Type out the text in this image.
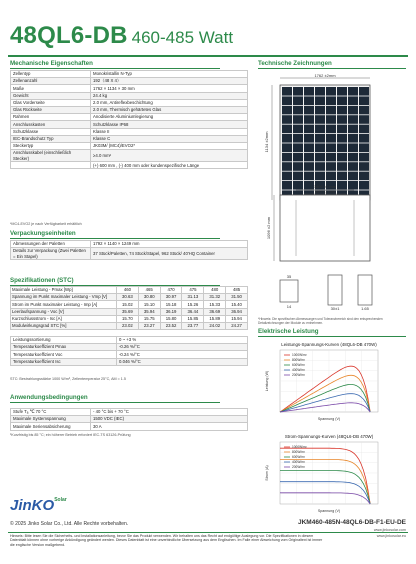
48QL6-DB 460-485 Watt
Mechanische Eigenschaften
Zellentyp	Monokristallin N-Typ
Zellenanzahl	192（48 X 4）
Maße	1762 × 1134 × 30 mm
Gewicht	24.4 kg
Glas Vorderseite	2.0 mm, Antireflexbeschichtung
Glas Rückseite	2.0 mm, Thermisch gehärtetes Glas
Rahmen	Anodisierte Aluminiumlegierung
Anschlusskasten	Schutzklasse IP68
Schutzklasse	Klasse II
IEC-Brandschutz Typ	Klasse C
Steckertyp	JK03M/ (MC4)/EVO2*
Anschlusskabel (einschließlich Stecker)	≥4.0 mm²
	(+) 600 mm , (-) 400 mm oder kundenspezifische Länge
*MC4-EVO2 je nach Verfügbarkeit erhältlich
Verpackungseinheiten
Abmessungen der Paletten	1792 × 1140 × 1249 mm
Details zur Verpackung (Zwei Paletten = Ein Stapel)	37 Stück/Paletten, 74 Stück/Stapel, 962 Stück/ 40'HQ Container
Spezifikationen (STC)
Maximale Leistung - Pmax [Wp]	460	465	470	475	480	485
Spannung im Punkt maximaler Leistung - Vmp [V]	30.63	30.80	30.97	31.13	31.32	31.50
Strom im Punkt maximaler Leistung - Imp [A]	15.02	15.10	15.18	15.26	15.33	15.40
Leerlaufspannung - Voc [V]	35.69	35.94	36.19	36.44	36.69	36.94
Kurzschlussstrom - Isc [A]	15.70	15.75	15.80	15.85	15.89	15.94
Modulwirkungsgrad STC [%]	23.02	23.27	23.52	23.77	24.02	24.27
Leistungssortierung	0 ~ +3 %
Temperaturkoeffizient Pmax	-0.26 %/°C
Temperaturkoeffizient Voc	-0.24 %/°C
Temperaturkoeffizient Isc	0.046 %/°C
STC: Bestrahlungsstärke 1000 W/m², Zellentemperatur 25°C, AM = 1.5
Anwendungsbedingungen
Stufe Tₐ ℃ 70 °C	- 40 °C bis + 70 °C
Maximale Systemspannung	1500 VDC (IEC)
Maximale Seriensabsicherung	30 A
¹Kurzfristig bis 85 °C; ein höherer Betrieb erfordert IEC-TS 63126-Prüfung
Technische Zeichnungen
1762 ±2mm
1134 ±2mm
1400 ±1 mm
860 ±1 mm
1096 ±2 mm
35
14	30±1	1.65
*Hinweis: Die spezifischen Abmessungen und Toleranzbereich sind den entsprechenden Detailzeichnungen der Module zu entnehmen.
Elektrische Leistung
1000W/m²
800W/m²
600W/m²
400W/m²
200W/m²
Leistungs-Spannungs-Kurven (48QL6-DB 470W)
Spannung (V)
Leistung (W)
1000W/m²
800W/m²
600W/m²
400W/m²
200W/m²
Strom-Spannungs-Kurven (48QL6-DB 470W)
Spannung (V)
Strom (A)
JinKO$^{Solar}$
© 2025 Jinko Solar Co., Ltd. Alle Rechte vorbehalten.	JKM460-485N-48QL6-DB-F1-EU-DE
www.jinkosolar.com
www.jinkosolar.eu
Hinweis: Bitte lesen Sie die Sicherheits- und Installationsanleitung, bevor Sie das Produkt verwenden. Wir behalten uns das Recht auf endgültige Auslegung vor. Die Spezifikationen in diesem Datenblatt können ohne vorherige Ankündigung geändert werden. Dieses Datenblatt ist eine unverbindliche Übersetzung aus dem Englischen. Im Falle einer Abweichung vom Originaltext ist immer die englische Version maßgebend.
